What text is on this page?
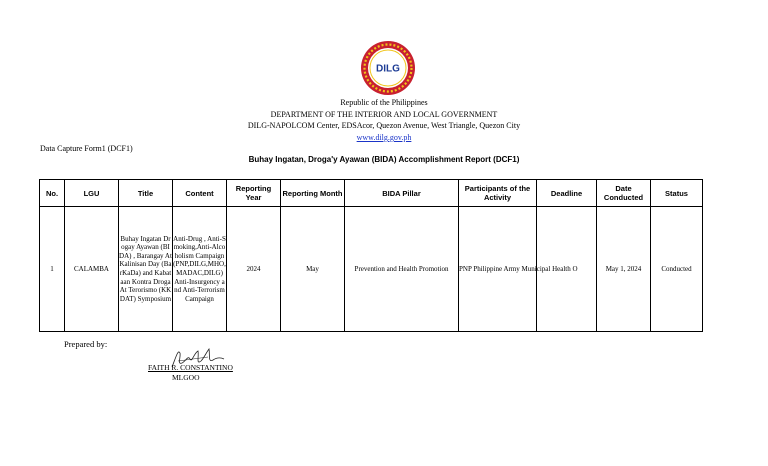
DILG
Republic of the Philippines
DEPARTMENT OF THE INTERIOR AND LOCAL GOVERNMENT
DILG-NAPOLCOM Center, EDSAcor, Quezon Avenue, West Triangle, Quezon City
www.dilg.gov.ph
Data Capture Form1 (DCF1)
Buhay Ingatan, Droga'y Ayawan (BIDA) Accomplishment Report (DCF1)
No.	LGU	Title	Content	Reporting Year	Reporting Month	BIDA Pillar	Participants of the Activity	Deadline	Date Conducted	Status
1	CALAMBA	Buhay Ingatan Drogay Ayawan (BIDA) , Barangay At Kalinisan Day (BarKaDa) and Kabataan Kontra Droga At Terorismo (KKDAT) Symposium	Anti-Drug , Anti-Smoking,Anti-Alcoholism Campaign (PNP,DILG,MHO,MADAC,DILG) Anti-Insurgency and Anti-Terrorism Campaign	2024	May	Prevention and Health Promotion	PNP Philippine Army Municipal Health O		May 1, 2024	Conducted
Prepared by:
FAITH R. CONSTANTINO
MLGOO
